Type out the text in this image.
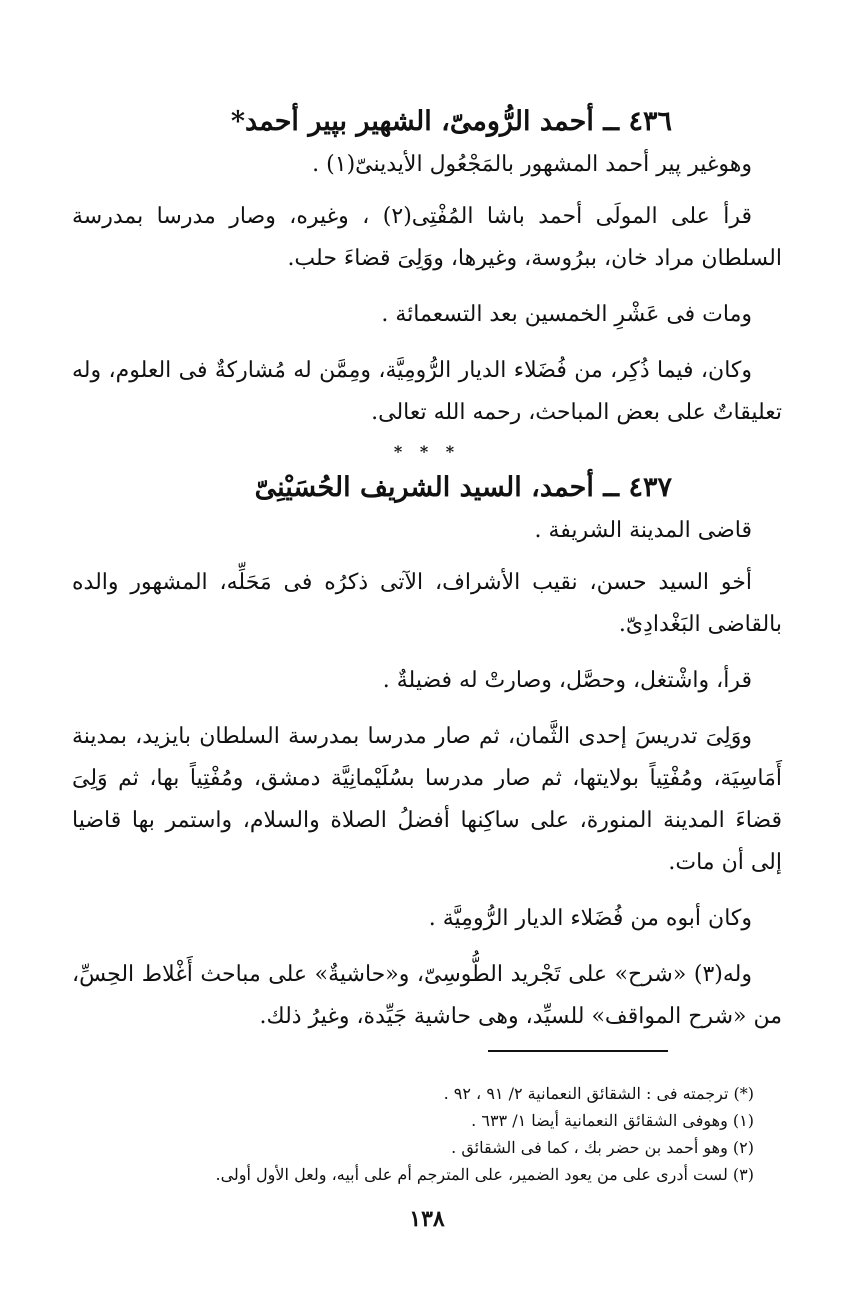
٤٣٦ ــ أحمد الرُّومىّ، الشهير بپير أحمد*

وهوغير پير أحمد المشهور بالمَجْعُول الأيدينىّ(١) .

قرأ على المولَى أحمد باشا المُفْتِى(٢) ، وغيره، وصار مدرسا بمدرسة السلطان مراد خان، ببرُوسة، وغيرها، ووَلِىَ قضاءَ حلب.

ومات فى عَشْرِ الخمسين بعد التسعمائة .

وكان، فيما ذُكِر، من فُضَلاء الديار الرُّومِيَّة، ومِمَّن له مُشاركةٌ فى العلوم، وله تعليقاتٌ على بعض المباحث، رحمه الله تعالى.

* * *
٤٣٧ ــ أحمد، السيد الشريف الحُسَيْنِىّ

قاضى المدينة الشريفة .

أخو السيد حسن، نقيب الأشراف، الآتى ذكرُه فى مَحَلِّه، المشهور والده بالقاضى البَغْدادِىّ.

قرأ، واشْتغل، وحصَّل، وصارتْ له فضيلةٌ .

ووَلِىَ تدريسَ إحدى الثَّمان، ثم صار مدرسا بمدرسة السلطان بايزيد، بمدينة أَمَاسِيَة، ومُفْتِياً بولايتها، ثم صار مدرسا بسُلَيْمانِيَّة دمشق، ومُفْتِياً بها، ثم وَلِىَ قضاءَ المدينة المنورة، على ساكِنها أفضلُ الصلاة والسلام، واستمر بها قاضيا إلى أن مات.

وكان أبوه من فُضَلاء الديار الرُّومِيَّة .

وله(٣) «شرح» على تَجْريد الطُّوسِىّ، و«حاشيةٌ» على مباحث أَغْلاط الحِسِّ، من «شرح المواقف» للسيِّد، وهى حاشية جَيِّدة، وغيرُ ذلك.

(*) ترجمته فى : الشقائق النعمانية ٢/ ٩١ ، ٩٢ .
(١) وهوفى الشقائق النعمانية أيضا ١/ ٦٣٣ .
(٢) وهو أحمد بن حضر بك ، كما فى الشقائق .
(٣) لست أدرى على من يعود الضمير، على المترجم أم على أبيه، ولعل الأول أولى.
١٣٨
